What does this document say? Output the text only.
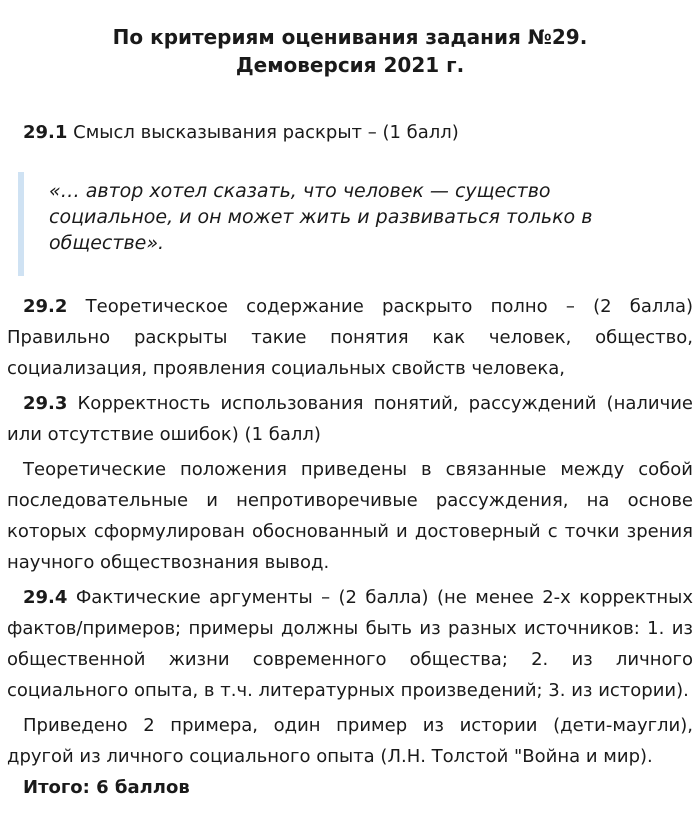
По критериям оценивания задания №29.
Демоверсия 2021 г.

29.1 Смысл высказывания раскрыт – (1 балл)

«… автор хотел сказать, что человек — существо социальное, и он может жить и развиваться только в обществе».

29.2 Теоретическое содержание раскрыто полно – (2 балла) Правильно раскрыты такие понятия как человек, общество, социализация, проявления социальных свойств человека,

29.3 Корректность использования понятий, рассуждений (наличие или отсутствие ошибок) (1 балл)

Теоретические положения приведены в связанные между собой последовательные и непротиворечивые рассуждения, на основе которых сформулирован обоснованный и достоверный с точки зрения научного обществознания вывод.

29.4 Фактические аргументы – (2 балла) (не менее 2-х корректных фактов/примеров; примеры должны быть из разных источников: 1. из общественной жизни современного общества; 2. из личного социального опыта, в т.ч. литературных произведений; 3. из истории).

Приведено 2 примера, один пример из истории (дети-маугли), другой из личного социального опыта (Л.Н. Толстой "Война и мир).

Итого: 6 баллов
